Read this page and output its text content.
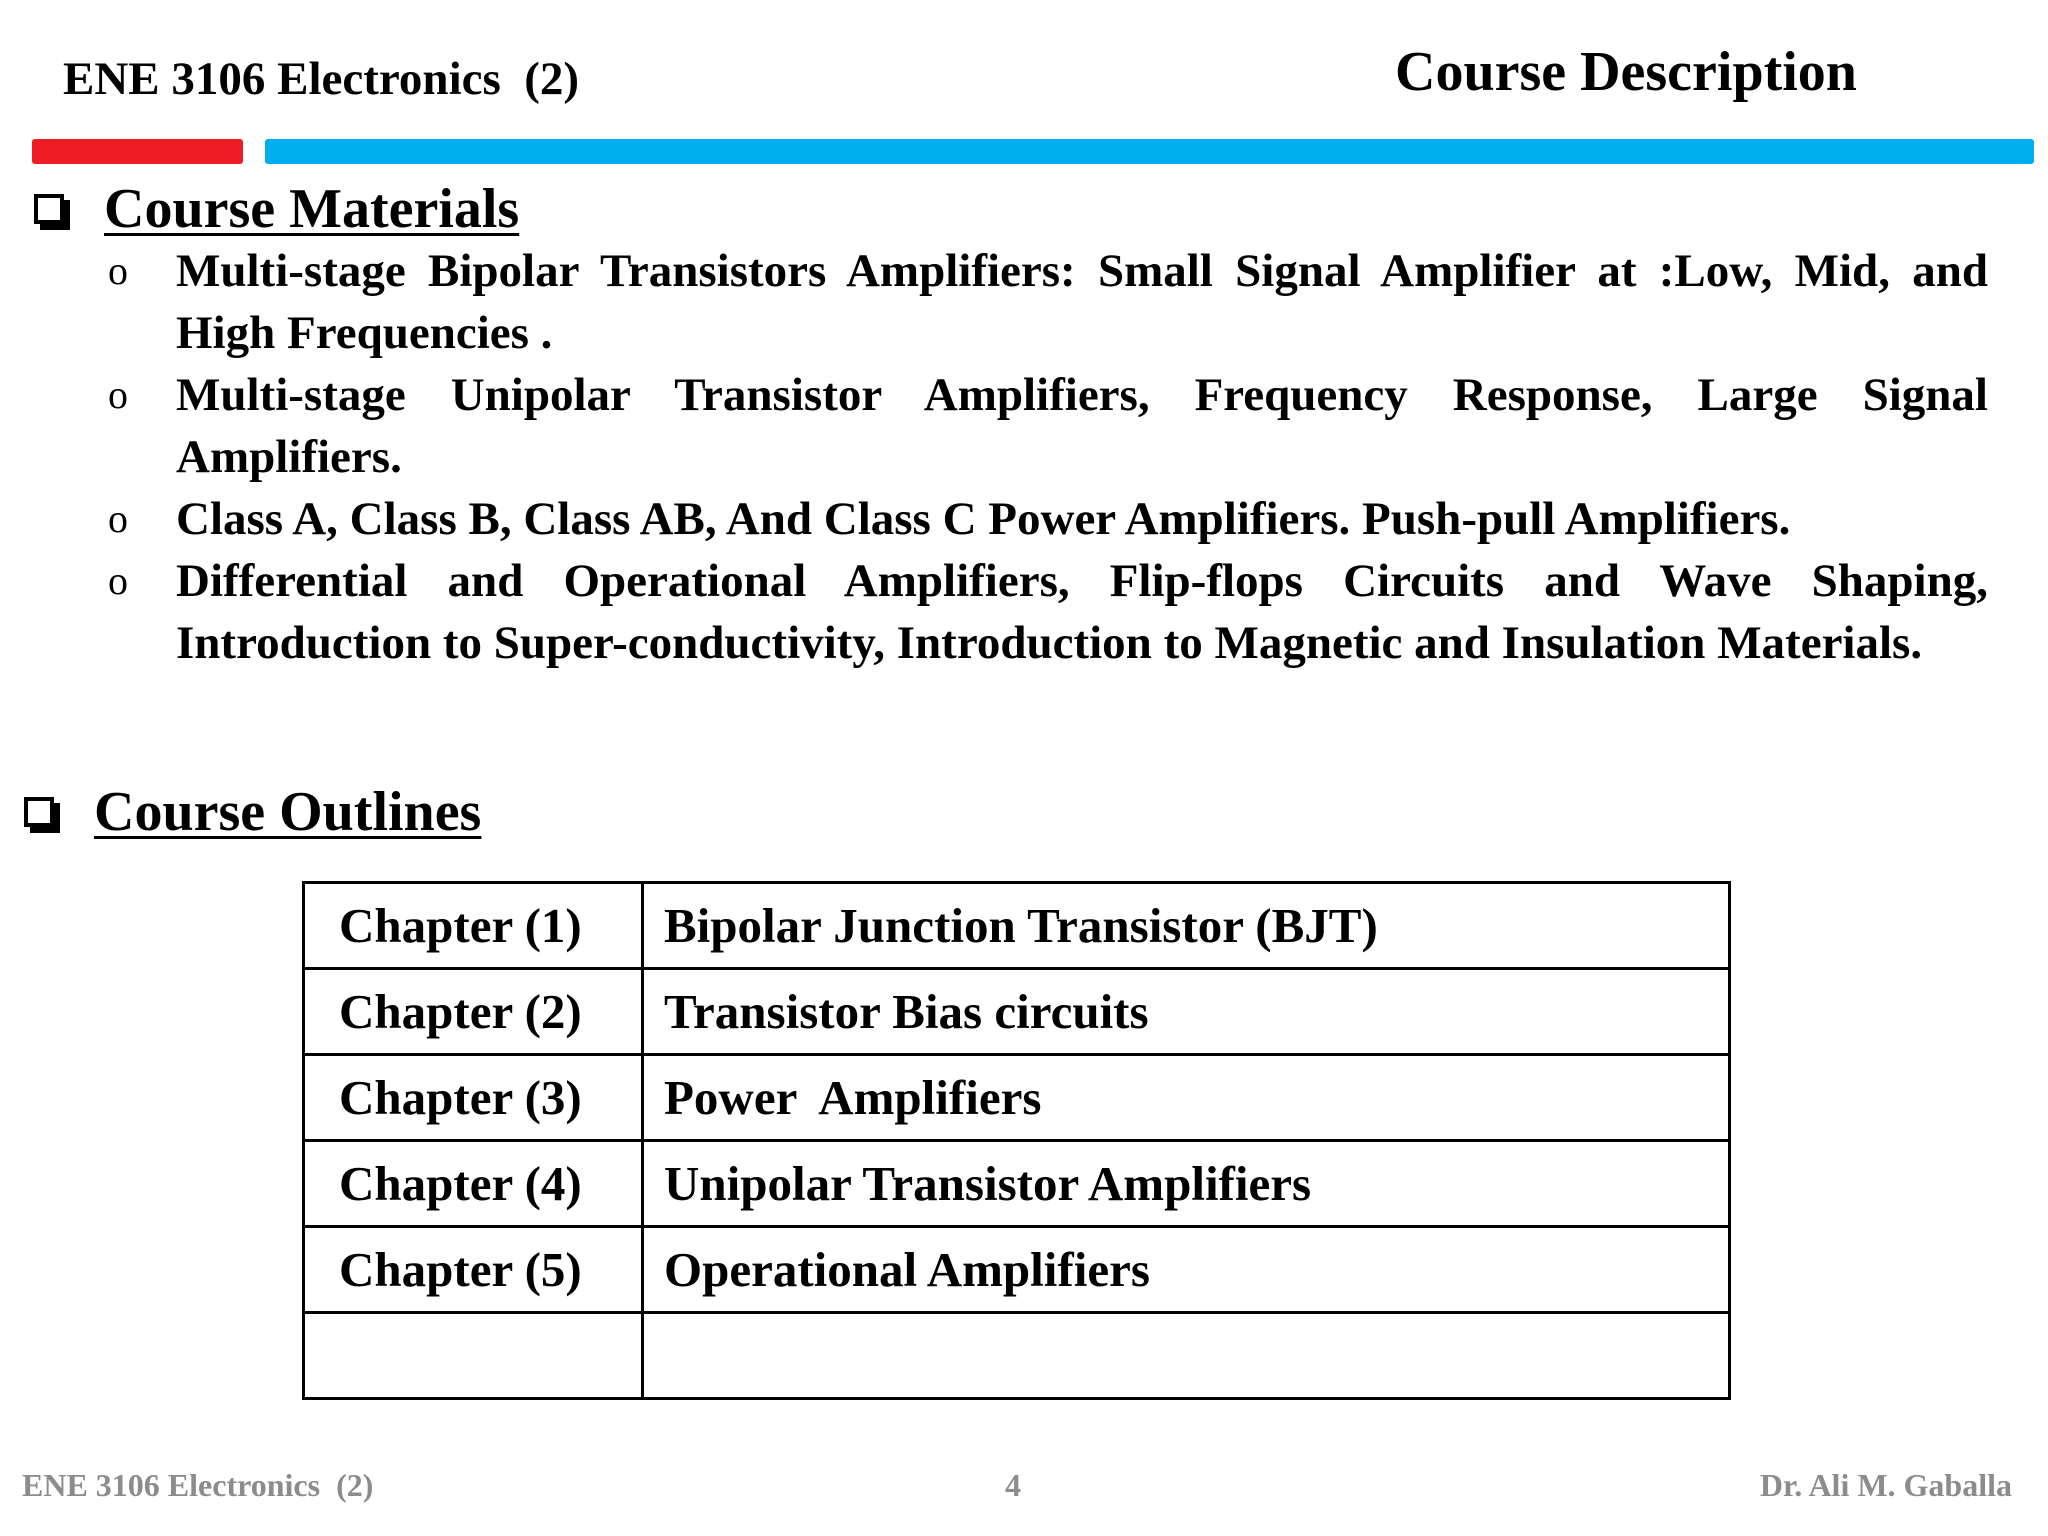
ENE 3106 Electronics  (2)	Course Description
Course Materials
o Multi-stage Bipolar Transistors Amplifiers: Small Signal Amplifier at :Low, Mid, and High Frequencies .
o Multi-stage Unipolar Transistor Amplifiers, Frequency Response, Large Signal Amplifiers.
o Class A, Class B, Class AB, And Class C Power Amplifiers. Push-pull Amplifiers.
o Differential and Operational Amplifiers, Flip-flops Circuits and Wave Shaping, Introduction to Super-conductivity, Introduction to Magnetic and Insulation Materials.
Course Outlines
Chapter (1)	Bipolar Junction Transistor (BJT)
Chapter (2)	Transistor Bias circuits
Chapter (3)	Power  Amplifiers
Chapter (4)	Unipolar Transistor Amplifiers
Chapter (5)	Operational Amplifiers

ENE 3106 Electronics  (2)	4	Dr. Ali M. Gaballa
